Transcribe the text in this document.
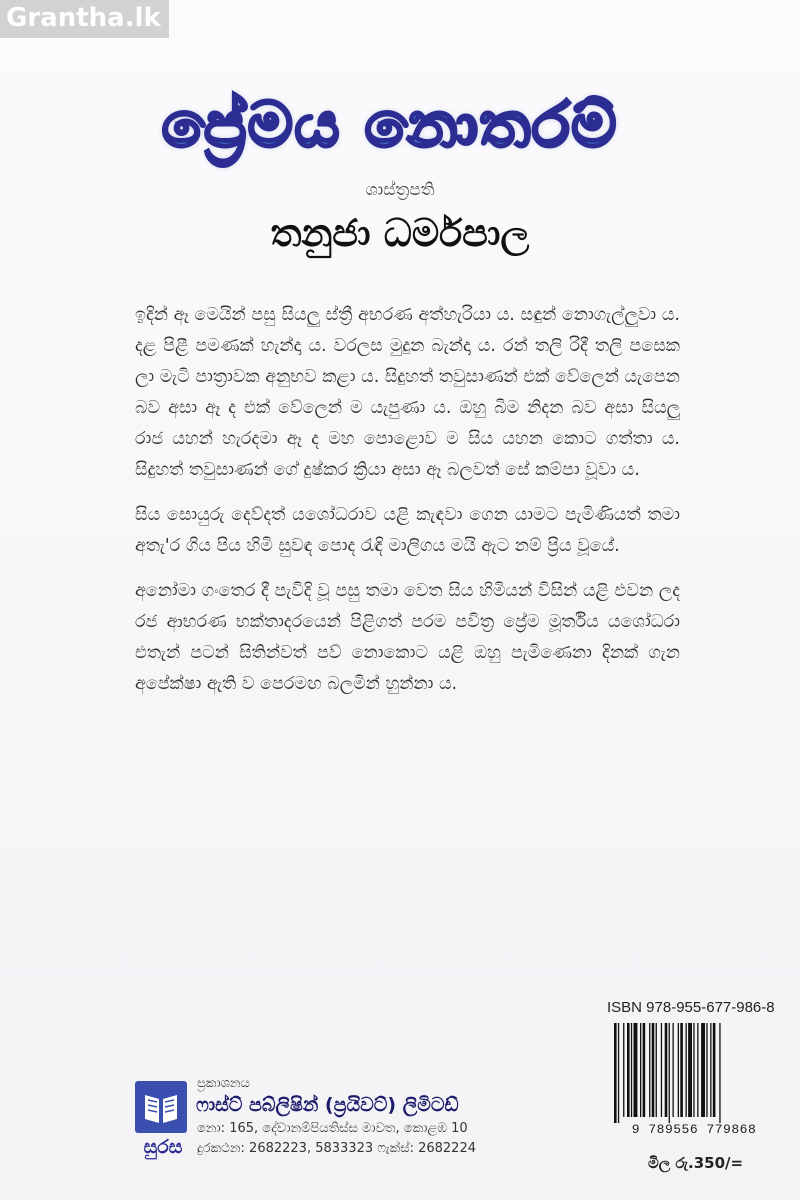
Grantha.lk
ප්‍රේමය නොතරම්
ශාස්ත්‍රපති
තනුජා ධර්මපාල

ඉදින් ඈ මෙයින් පසු සියලු ස්ත්‍රී අභරණ අත්හැරියා ය. සඳුන් නොගැල්ලුවා ය. දළ පිළී පමණක් හැන්දා ය. වරලස මුදුන බැන්දා ය. රන් තලි රිදී තලි පසෙක ලා මැටි පාත්‍රාවක අනුභව කළා ය. සිදුහත් තවුසාණන් එක් වේලෙන් යැපෙන බව අසා ඈ ද එක් වේලෙන් ම යැපුණා ය. ඔහු බිම නිදන බව අසා සියලු රාජ යහන් හැරදමා ඈ ද මහ පොළොව ම සිය යහන කොට ගත්තා ය. සිදුහත් තවුසාණන් ගේ දුෂ්කර ක්‍රියා අසා ඈ බලවත් සේ කම්පා වූවා ය.

සිය සොයුරු දෙව්දත් යශෝධරාව යළි කැඳවා ගෙන යාමට පැමිණියත් තමා අතැ'ර ගිය පිය හිමි සුවඳ පොද රැඳි මාලිගය මයි ඇට නම් ප්‍රිය වූයේ.

අනෝමා ගංතෙර දී පැවිදි වූ පසු තමා වෙත සිය හිමියන් විසින් යළි එවන ලද රජ ආභරණ භක්තාදරයෙන් පිළිගත් පරම පවිත්‍ර ප්‍රේම මූර්තිය යශෝධරා එතැන් පටන් සිතින්වත් පව් නොකොට යළි ඔහු පැමිණෙනා දිනක් ගැන අපේක්ෂා ඇති ව පෙරමඟ බලමින් හුන්නා ය.

ISBN 978-955-677-986-8
9 789556 779868
මිල රු.350/=
සුරස
ප්‍රකාශනය
ෆාස්ට් පබ්ලිෂින් (ප්‍රයිවට්) ලිමිටඩ්
නො: 165, දේවානම්පියතිස්ස මාවත, කොළඹ 10
දුරකථන: 2682223, 5833323 ෆැක්ස්: 2682224
